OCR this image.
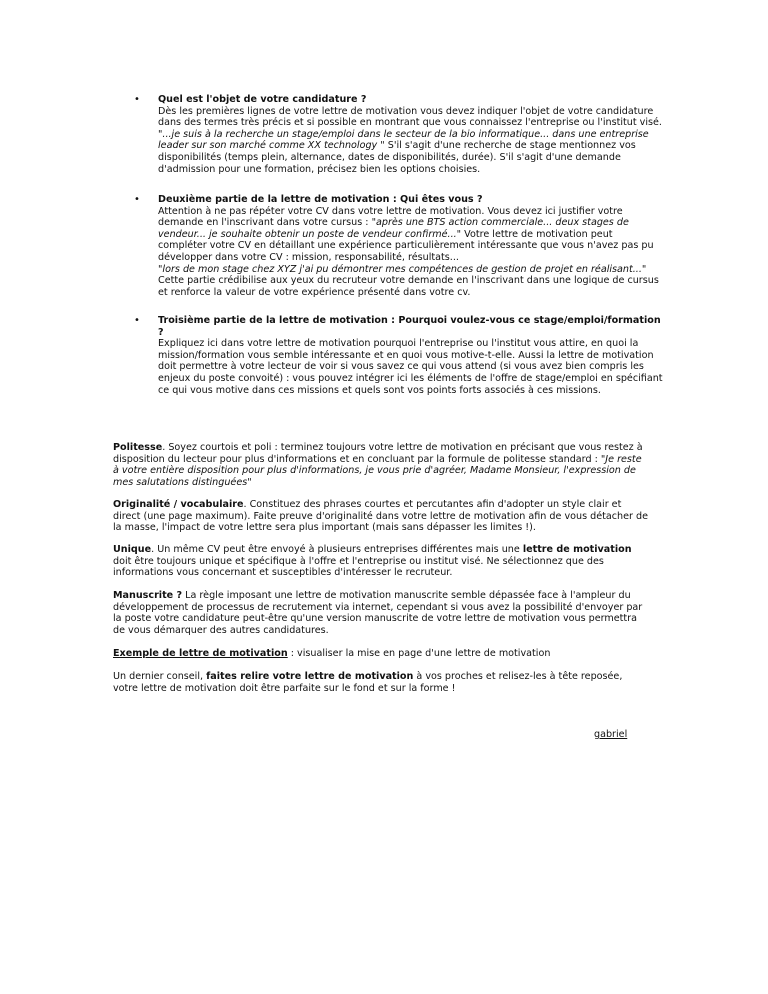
• Quel est l'objet de votre candidature ?
Dès les premières lignes de votre lettre de motivation vous devez indiquer l'objet de votre candidature dans des termes très précis et si possible en montrant que vous connaissez l'entreprise ou l'institut visé.
"...je suis à la recherche un stage/emploi dans le secteur de la bio informatique... dans une entreprise leader sur son marché comme XX technology " S'il s'agit d'une recherche de stage mentionnez vos disponibilités (temps plein, alternance, dates de disponibilités, durée). S'il s'agit d'une demande d'admission pour une formation, précisez bien les options choisies.
• Deuxième partie de la lettre de motivation : Qui êtes vous ?
Attention à ne pas répéter votre CV dans votre lettre de motivation. Vous devez ici justifier votre demande en l'inscrivant dans votre cursus : "après une BTS action commerciale... deux stages de vendeur... je souhaite obtenir un poste de vendeur confirmé..." Votre lettre de motivation peut compléter votre CV en détaillant une expérience particulièrement intéressante que vous n'avez pas pu développer dans votre CV : mission, responsabilité, résultats...
"lors de mon stage chez XYZ j'ai pu démontrer mes compétences de gestion de projet en réalisant..."
Cette partie crédibilise aux yeux du recruteur votre demande en l'inscrivant dans une logique de cursus et renforce la valeur de votre expérience présenté dans votre cv.
• Troisième partie de la lettre de motivation : Pourquoi voulez-vous ce stage/emploi/formation ?
Expliquez ici dans votre lettre de motivation pourquoi l'entreprise ou l'institut vous attire, en quoi la mission/formation vous semble intéressante et en quoi vous motive-t-elle. Aussi la lettre de motivation doit permettre à votre lecteur de voir si vous savez ce qui vous attend (si vous avez bien compris les enjeux du poste convoité) : vous pouvez intégrer ici les éléments de l'offre de stage/emploi en spécifiant ce qui vous motive dans ces missions et quels sont vos points forts associés à ces missions.
Politesse. Soyez courtois et poli : terminez toujours votre lettre de motivation en précisant que vous restez à disposition du lecteur pour plus d'informations et en concluant par la formule de politesse standard : "Je reste à votre entière disposition pour plus d'informations, je vous prie d'agréer, Madame Monsieur, l'expression de mes salutations distinguées"
Originalité / vocabulaire. Constituez des phrases courtes et percutantes afin d'adopter un style clair et direct (une page maximum). Faite preuve d'originalité dans votre lettre de motivation afin de vous détacher de la masse, l'impact de votre lettre sera plus important (mais sans dépasser les limites !).
Unique. Un même CV peut être envoyé à plusieurs entreprises différentes mais une lettre de motivation doit être toujours unique et spécifique à l'offre et l'entreprise ou institut visé. Ne sélectionnez que des informations vous concernant et susceptibles d'intéresser le recruteur.
Manuscrite ? La règle imposant une lettre de motivation manuscrite semble dépassée face à l'ampleur du développement de processus de recrutement via internet, cependant si vous avez la possibilité d'envoyer par la poste votre candidature peut-être qu'une version manuscrite de votre lettre de motivation vous permettra de vous démarquer des autres candidatures.
Exemple de lettre de motivation : visualiser la mise en page d'une lettre de motivation
Un dernier conseil, faites relire votre lettre de motivation à vos proches et relisez-les à tête reposée, votre lettre de motivation doit être parfaite sur le fond et sur la forme !
gabriel
